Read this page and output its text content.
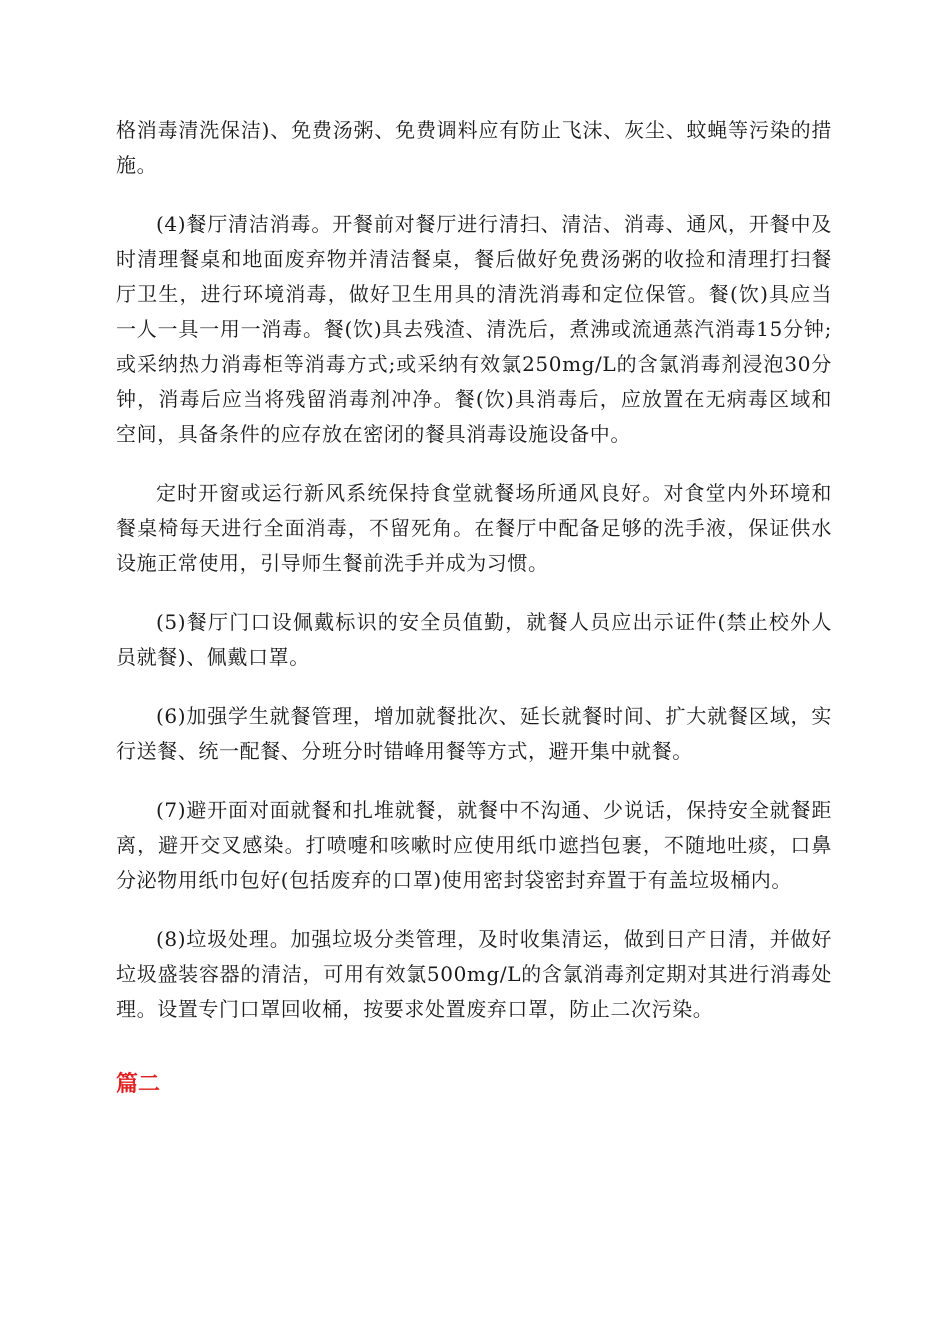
格消毒清洗保洁)、免费汤粥、免费调料应有防止飞沫、灰尘、蚊蝇等污染的措施。

(4)餐厅清洁消毒。开餐前对餐厅进行清扫、清洁、消毒、通风，开餐中及时清理餐桌和地面废弃物并清洁餐桌，餐后做好免费汤粥的收捡和清理打扫餐厅卫生，进行环境消毒，做好卫生用具的清洗消毒和定位保管。餐(饮)具应当一人一具一用一消毒。餐(饮)具去残渣、清洗后，煮沸或流通蒸汽消毒15分钟;或采纳热力消毒柜等消毒方式;或采纳有效氯250mg/L的含氯消毒剂浸泡30分钟，消毒后应当将残留消毒剂冲净。餐(饮)具消毒后，应放置在无病毒区域和空间，具备条件的应存放在密闭的餐具消毒设施设备中。

定时开窗或运行新风系统保持食堂就餐场所通风良好。对食堂内外环境和餐桌椅每天进行全面消毒，不留死角。在餐厅中配备足够的洗手液，保证供水设施正常使用，引导师生餐前洗手并成为习惯。

(5)餐厅门口设佩戴标识的安全员值勤，就餐人员应出示证件(禁止校外人员就餐)、佩戴口罩。

(6)加强学生就餐管理，增加就餐批次、延长就餐时间、扩大就餐区域，实行送餐、统一配餐、分班分时错峰用餐等方式，避开集中就餐。

(7)避开面对面就餐和扎堆就餐，就餐中不沟通、少说话，保持安全就餐距离，避开交叉感染。打喷嚏和咳嗽时应使用纸巾遮挡包裹，不随地吐痰，口鼻分泌物用纸巾包好(包括废弃的口罩)使用密封袋密封弃置于有盖垃圾桶内。

(8)垃圾处理。加强垃圾分类管理，及时收集清运，做到日产日清，并做好垃圾盛装容器的清洁，可用有效氯500mg/L的含氯消毒剂定期对其进行消毒处理。设置专门口罩回收桶，按要求处置废弃口罩，防止二次污染。

篇二
